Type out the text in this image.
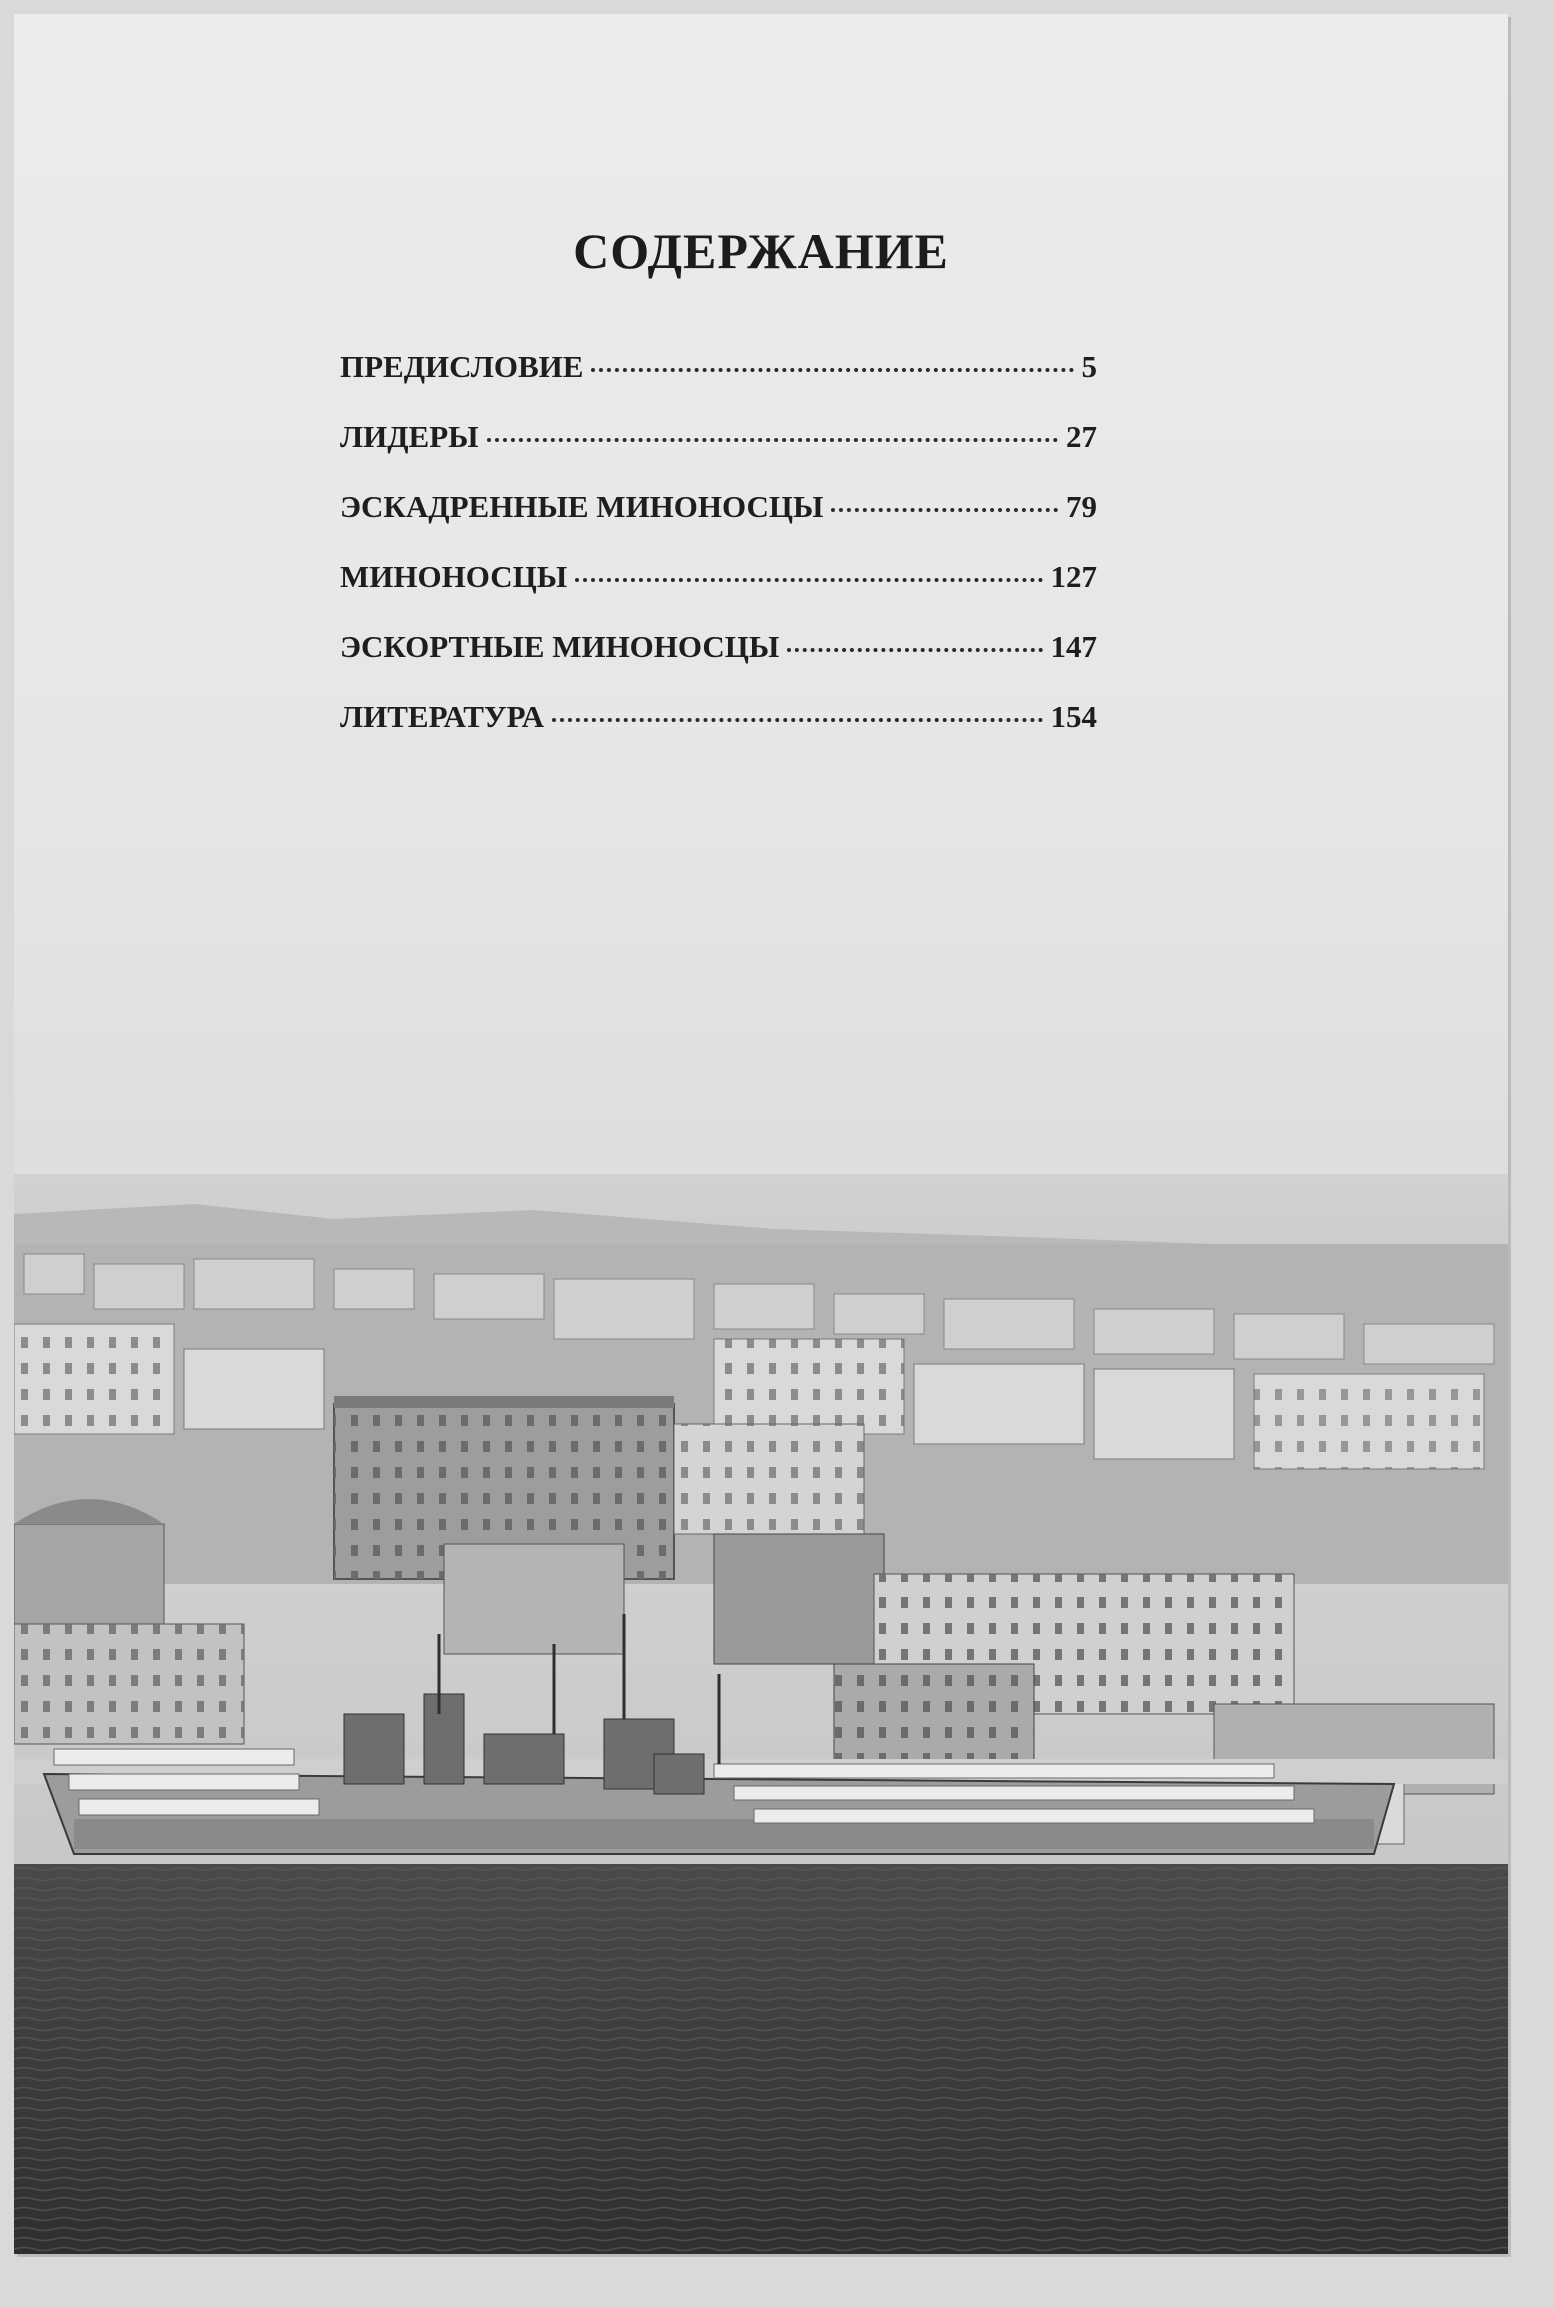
СОДЕРЖАНИЕ
ПРЕДИСЛОВИЕ	5
ЛИДЕРЫ	27
ЭСКАДРЕННЫЕ МИНОНОСЦЫ	79
МИНОНОСЦЫ	127
ЭСКОРТНЫЕ МИНОНОСЦЫ	147
ЛИТЕРАТУРА	154
